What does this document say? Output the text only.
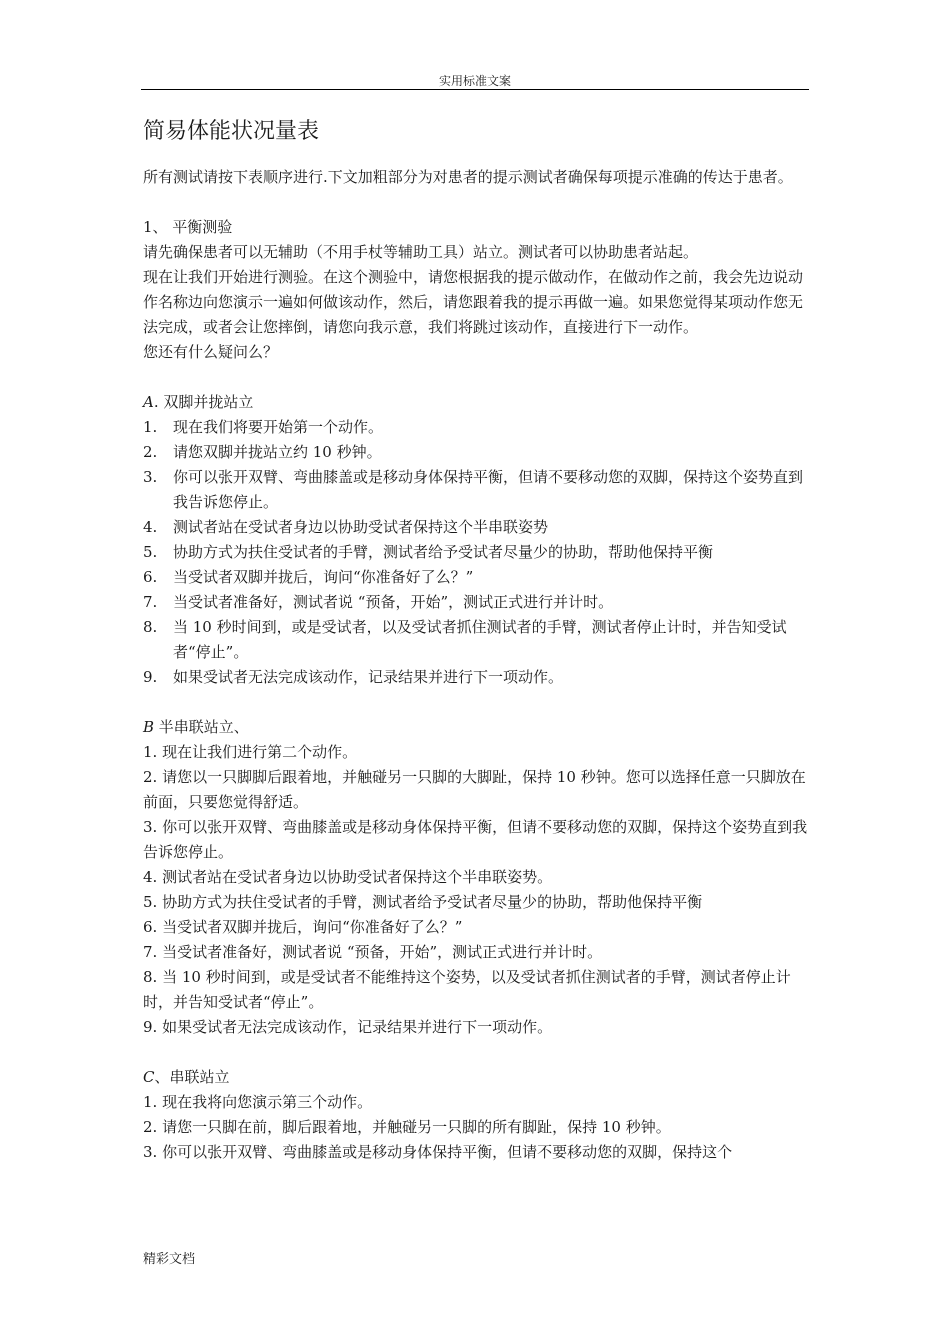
实用标准文案
简易体能状况量表

所有测试请按下表顺序进行.下文加粗部分为对患者的提示测试者确保每项提示准确的传达于患者。

1、 平衡测验

请先确保患者可以无辅助（不用手杖等辅助工具）站立。测试者可以协助患者站起。

现在让我们开始进行测验。在这个测验中，请您根据我的提示做动作，在做动作之前，我会先边说动作名称边向您演示一遍如何做该动作，然后，请您跟着我的提示再做一遍。如果您觉得某项动作您无法完成，或者会让您摔倒，请您向我示意，我们将跳过该动作，直接进行下一动作。

您还有什么疑问么？

A. 双脚并拢站立

1.	现在我们将要开始第一个动作。
2.	请您双脚并拢站立约 10 秒钟。
3.	你可以张开双臂、弯曲膝盖或是移动身体保持平衡，但请不要移动您的双脚，保持这个姿势直到我告诉您停止。
4.	测试者站在受试者身边以协助受试者保持这个半串联姿势
5.	协助方式为扶住受试者的手臂，测试者给予受试者尽量少的协助，帮助他保持平衡
6.	当受试者双脚并拢后，询问“你准备好了么？”
7.	当受试者准备好，测试者说 “预备，开始”，测试正式进行并计时。
8.	当 10 秒时间到，或是受试者，以及受试者抓住测试者的手臂，测试者停止计时，并告知受试者“停止”。
9.	如果受试者无法完成该动作，记录结果并进行下一项动作。

B 半串联站立、

1. 现在让我们进行第二个动作。

2. 请您以一只脚脚后跟着地，并触碰另一只脚的大脚趾，保持 10 秒钟。您可以选择任意一只脚放在前面，只要您觉得舒适。

3. 你可以张开双臂、弯曲膝盖或是移动身体保持平衡，但请不要移动您的双脚，保持这个姿势直到我告诉您停止。

4. 测试者站在受试者身边以协助受试者保持这个半串联姿势。

5. 协助方式为扶住受试者的手臂，测试者给予受试者尽量少的协助，帮助他保持平衡

6. 当受试者双脚并拢后，询问“你准备好了么？”

7. 当受试者准备好，测试者说 “预备，开始”，测试正式进行并计时。

8. 当 10 秒时间到，或是受试者不能维持这个姿势，以及受试者抓住测试者的手臂，测试者停止计时，并告知受试者“停止”。

9. 如果受试者无法完成该动作，记录结果并进行下一项动作。

C、串联站立

1. 现在我将向您演示第三个动作。

2. 请您一只脚在前，脚后跟着地，并触碰另一只脚的所有脚趾，保持 10 秒钟。

3. 你可以张开双臂、弯曲膝盖或是移动身体保持平衡，但请不要移动您的双脚，保持这个

精彩文档
